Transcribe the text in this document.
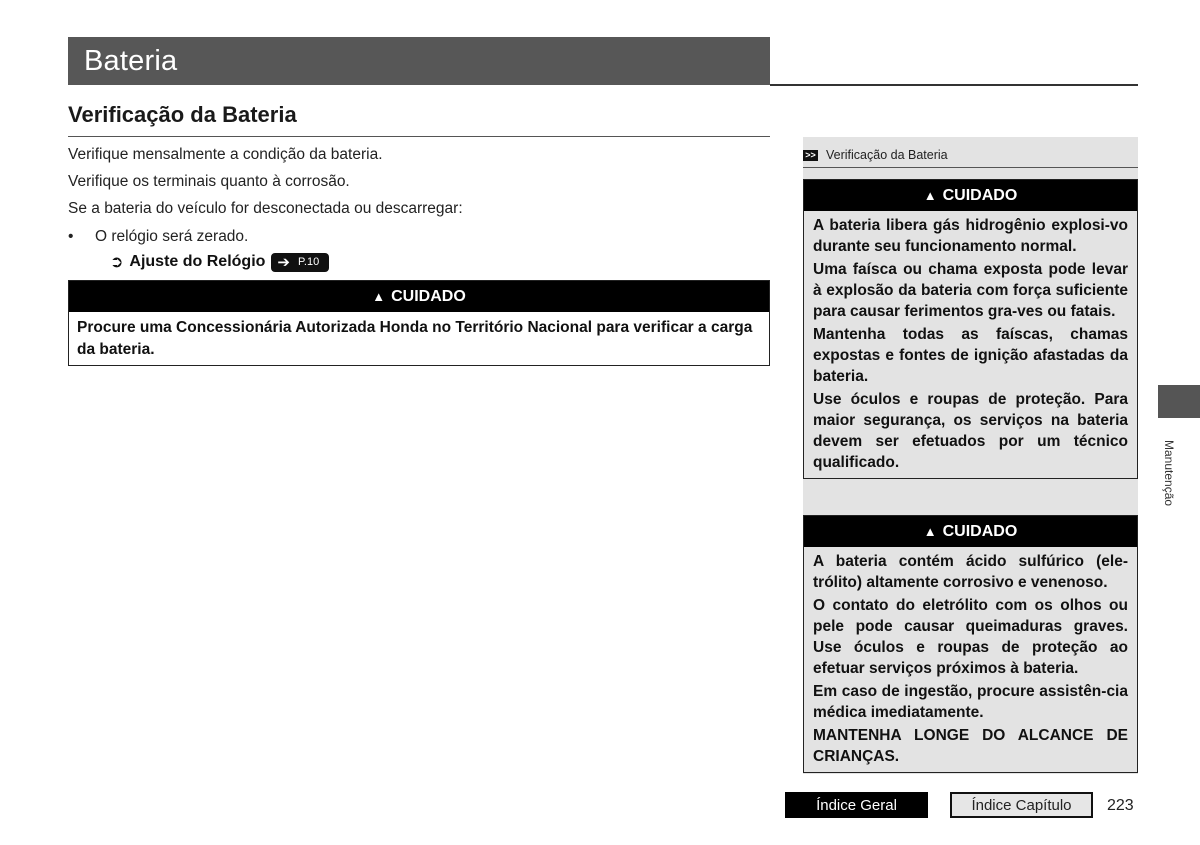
Bateria
Verificação da Bateria

Verifique mensalmente a condição da bateria.

Verifique os terminais quanto à corrosão.

Se a bateria do veículo for desconectada ou descarregar:

• O relógio será zerado.
➲ Ajuste do Relógio ➔ P.10
▲ CUIDADO
Procure uma Concessionária Autorizada Honda no Território Nacional para verificar a carga da bateria.
>> Verificação da Bateria
▲ CUIDADO

A bateria libera gás hidrogênio explosi-vo durante seu funcionamento normal.

Uma faísca ou chama exposta pode levar à explosão da bateria com força suficiente para causar ferimentos gra-ves ou fatais.

Mantenha todas as faíscas, chamas expostas e fontes de ignição afastadas da bateria.

Use óculos e roupas de proteção. Para maior segurança, os serviços na bateria devem ser efetuados por um técnico qualificado.

▲ CUIDADO

A bateria contém ácido sulfúrico (ele-trólito) altamente corrosivo e venenoso.

O contato do eletrólito com os olhos ou pele pode causar queimaduras graves. Use óculos e roupas de proteção ao efetuar serviços próximos à bateria.

Em caso de ingestão, procure assistên-cia médica imediatamente.

MANTENHA LONGE DO ALCANCE DE CRIANÇAS.

Manutenção
Índice Geral	Índice Capítulo	223
